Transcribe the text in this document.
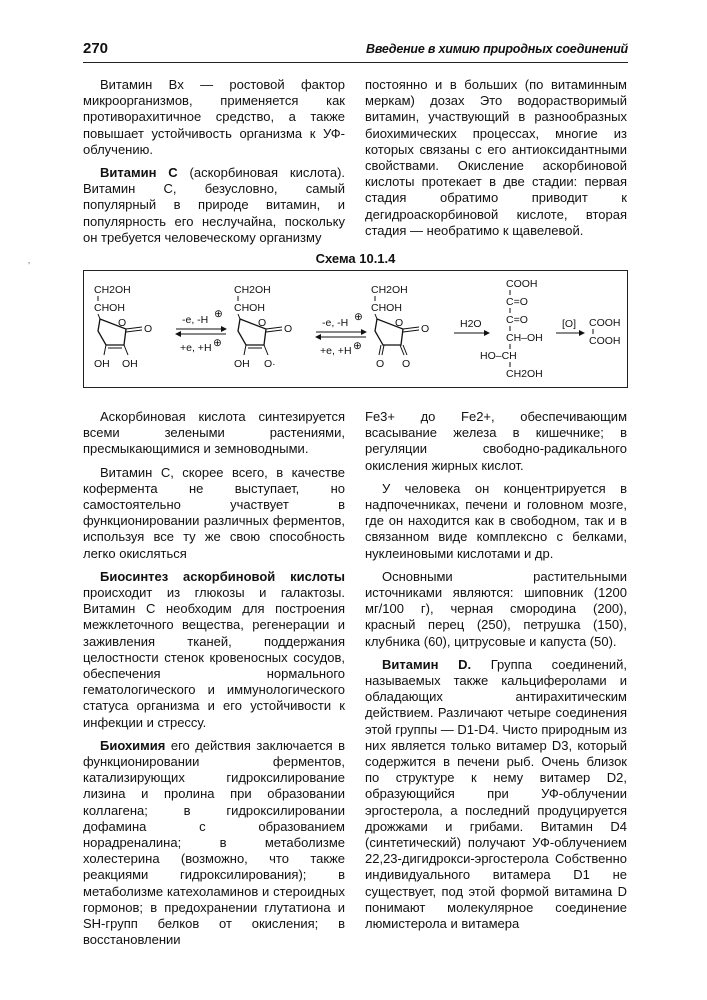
270	Введение в химию природных соединений

Витамин Bx — ростовой фактор микроорганизмов, применяется как противорахитичное средство, а также повышает устойчивость организма к УФ-облучению.

Витамин С (аскорбиновая кислота). Витамин С, безусловно, самый популярный в природе витамин, и популярность его неслучайна, поскольку он требуется человеческому организму

постоянно и в больших (по витаминным меркам) дозах Это водорастворимый витамин, участвующий в разнообразных биохимических процессах, многие из которых связаны с его антиоксидантными свойствами. Окисление аскорбиновой кислоты протекает в две стадии: первая стадия обратимо приводит к дегидроаскорбиновой кислоте, вторая стадия — необратимо к щавелевой.

‚	Схема 10.1.4
CH2OH
CHOH
O O
OH OH
-e, -H ⊕
+e, +H ⊕
CH2OH
CHOH
O O
OH O·
-e, -H ⊕
+e, +H ⊕
CH2OH
CHOH
O O
O O
H2O
COOH
C=O
C=O
CH–OH
HO–CH
CH2OH
[O] COOH
COOH

Аскорбиновая кислота синтезируется всеми зелеными растениями, пресмыкающимися и земноводными.

Витамин С, скорее всего, в качестве кофермента не выступает, но самостоятельно участвует в функционировании различных ферментов, используя все ту же свою способность легко окисляться

Биосинтез аскорбиновой кислоты происходит из глюкозы и галактозы. Витамин С необходим для построения межклеточного вещества, регенерации и заживления тканей, поддержания целостности стенок кровеносных сосудов, обеспечения нормального гематологического и иммунологического статуса организма и его устойчивости к инфекции и стрессу.

Биохимия его действия заключается в функционировании ферментов, катализирующих гидроксилирование лизина и пролина при образовании коллагена; в гидроксилировании дофамина с образованием норадреналина; в метаболизме холестерина (возможно, что также реакциями гидроксилирования); в метаболизме катехоламинов и стероидных гормонов; в предохранении глутатиона и SH-групп белков от окисления; в восстановлении

Fe3+ до Fe2+, обеспечивающим всасывание железа в кишечнике; в регуляции свободно-радикального окисления жирных кислот.

У человека он концентрируется в надпочечниках, печени и головном мозге, где он находится как в свободном, так и в связанном виде комплексно с белками, нуклеиновыми кислотами и др.

Основными растительными источниками являются: шиповник (1200 мг/100 г), черная смородина (200), красный перец (250), петрушка (150), клубника (60), цитрусовые и капуста (50).

Витамин D. Группа соединений, называемых также кальциферолами и обладающих антирахитическим действием. Различают четыре соединения этой группы — D1-D4. Чисто природным из них является только витамер D3, который содержится в печени рыб. Очень близок по структуре к нему витамер D2, образующийся при УФ-облучении эргостерола, а последний продуцируется дрожжами и грибами. Витамин D4 (синтетический) получают УФ-облучением 22,23-дигидрокси-эргостерола Собственно индивидуального витамера D1 не существует, под этой формой витамина D понимают молекулярное соединение люмистерола и витамера
